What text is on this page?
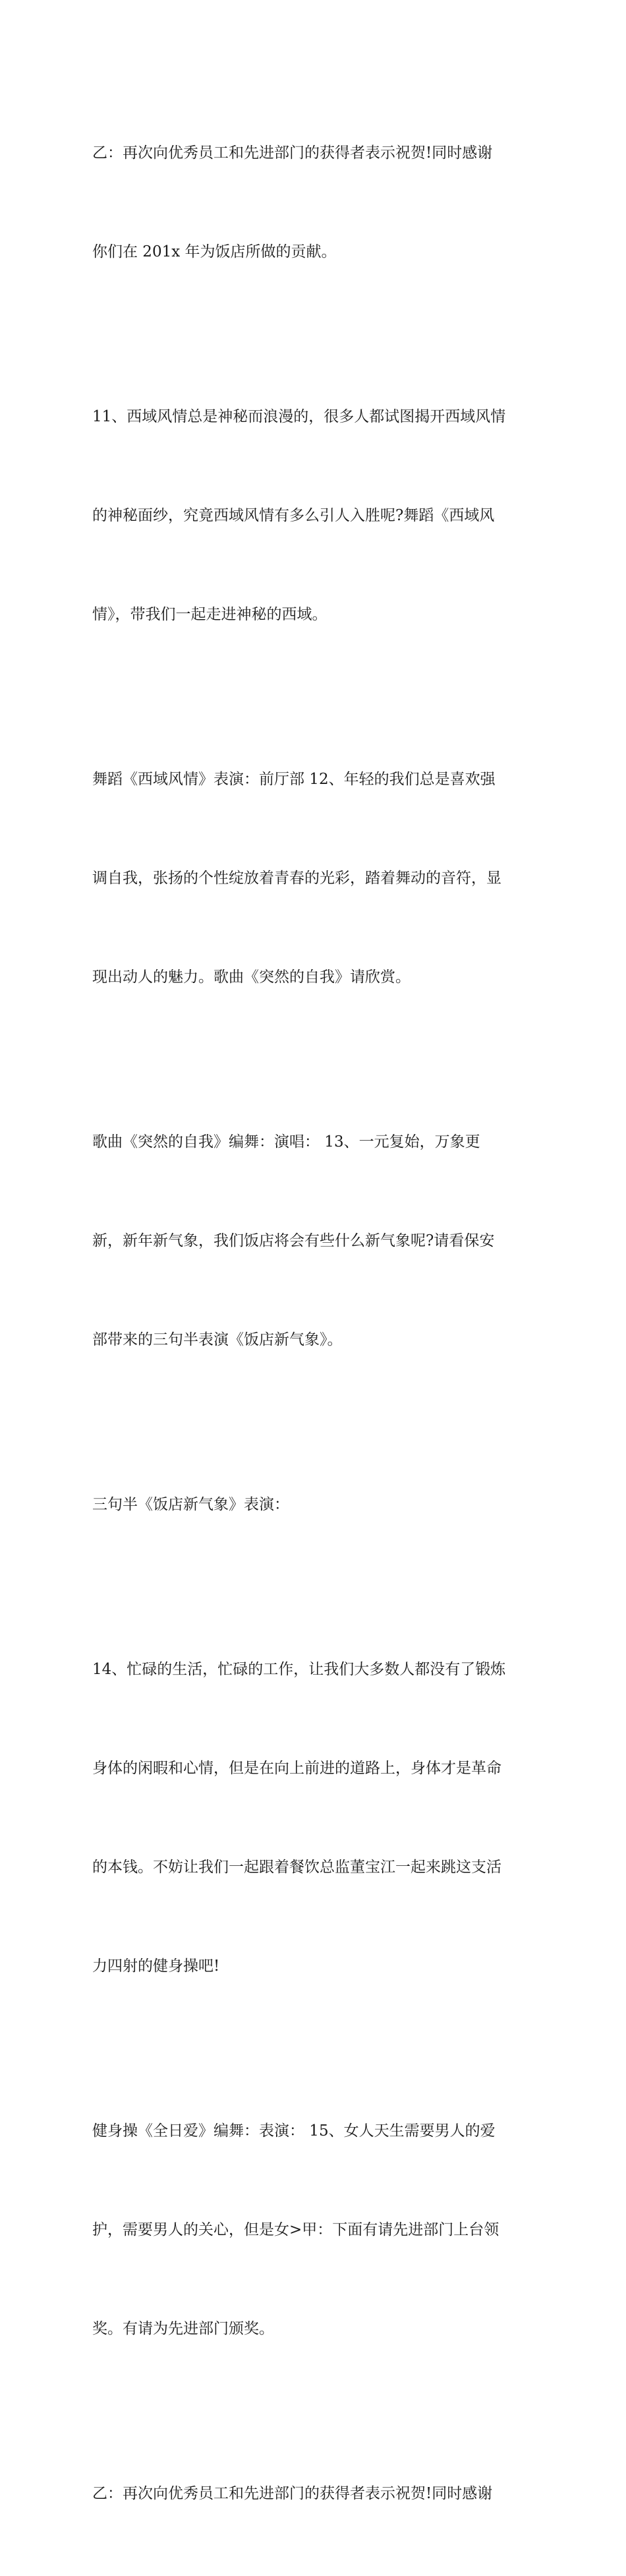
乙：再次向优秀员工和先进部门的获得者表示祝贺!同时感谢

你们在 201x 年为饭店所做的贡献。

11、西域风情总是神秘而浪漫的，很多人都试图揭开西域风情

的神秘面纱，究竟西域风情有多么引人入胜呢?舞蹈《西域风

情》，带我们一起走进神秘的西域。

舞蹈《西域风情》表演：前厅部 12、年轻的我们总是喜欢强

调自我，张扬的个性绽放着青春的光彩，踏着舞动的音符，显

现出动人的魅力。歌曲《突然的自我》请欣赏。

歌曲《突然的自我》编舞：演唱： 13、一元复始，万象更

新，新年新气象，我们饭店将会有些什么新气象呢?请看保安

部带来的三句半表演《饭店新气象》。

三句半《饭店新气象》表演：

14、忙碌的生活，忙碌的工作，让我们大多数人都没有了锻炼

身体的闲暇和心情，但是在向上前进的道路上，身体才是革命

的本钱。不妨让我们一起跟着餐饮总监董宝江一起来跳这支活

力四射的健身操吧!

健身操《全日爱》编舞：表演： 15、女人天生需要男人的爱

护，需要男人的关心，但是女>甲：下面有请先进部门上台领

奖。有请为先进部门颁奖。

乙：再次向优秀员工和先进部门的获得者表示祝贺!同时感谢
